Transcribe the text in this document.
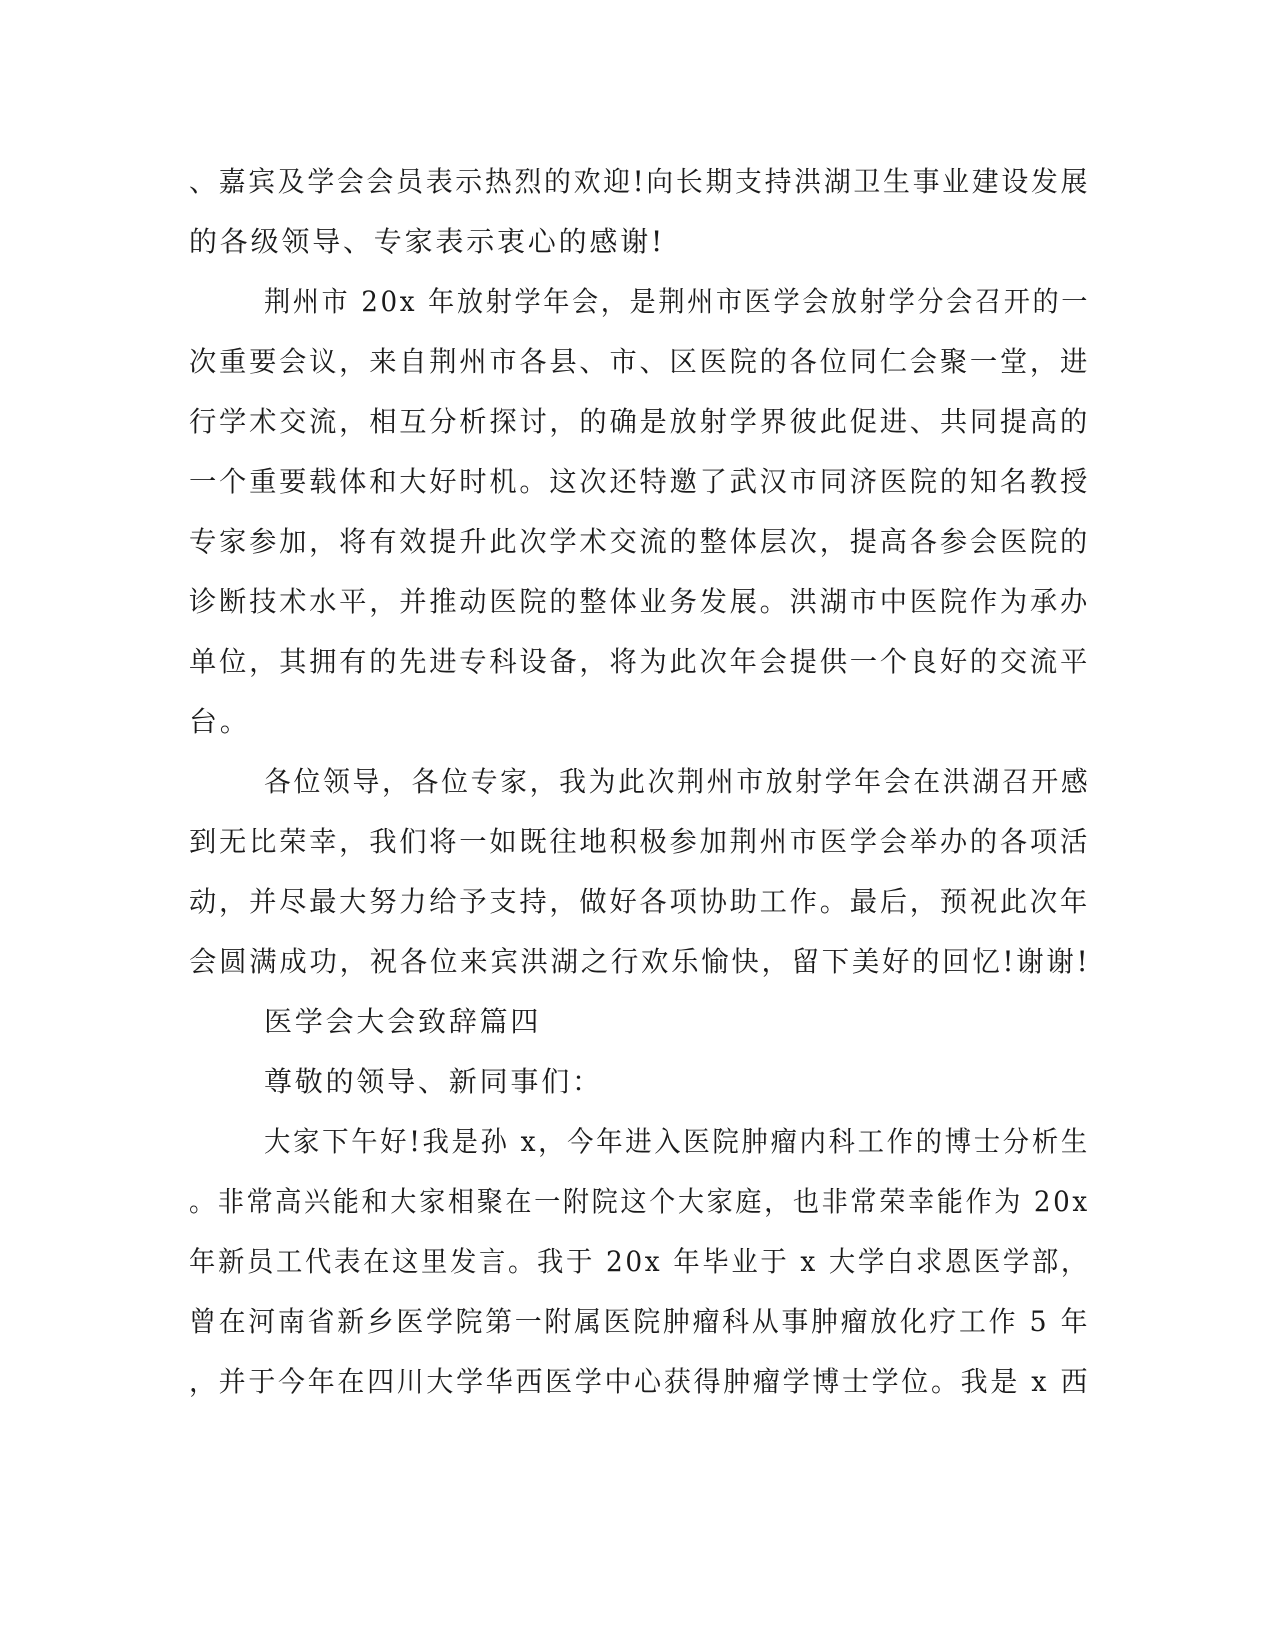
、嘉宾及学会会员表示热烈的欢迎!向长期支持洪湖卫生事业建设发展
的各级领导、专家表示衷心的感谢!
荆州市 20x 年放射学年会，是荆州市医学会放射学分会召开的一
次重要会议，来自荆州市各县、市、区医院的各位同仁会聚一堂，进
行学术交流，相互分析探讨，的确是放射学界彼此促进、共同提高的
一个重要载体和大好时机。这次还特邀了武汉市同济医院的知名教授
专家参加，将有效提升此次学术交流的整体层次，提高各参会医院的
诊断技术水平，并推动医院的整体业务发展。洪湖市中医院作为承办
单位，其拥有的先进专科设备，将为此次年会提供一个良好的交流平
台。
各位领导，各位专家，我为此次荆州市放射学年会在洪湖召开感
到无比荣幸，我们将一如既往地积极参加荆州市医学会举办的各项活
动，并尽最大努力给予支持，做好各项协助工作。最后，预祝此次年
会圆满成功，祝各位来宾洪湖之行欢乐愉快，留下美好的回忆!谢谢!
医学会大会致辞篇四
尊敬的领导、新同事们：
大家下午好!我是孙 x，今年进入医院肿瘤内科工作的博士分析生
。非常高兴能和大家相聚在一附院这个大家庭，也非常荣幸能作为 20x
年新员工代表在这里发言。我于 20x 年毕业于 x 大学白求恩医学部，
曾在河南省新乡医学院第一附属医院肿瘤科从事肿瘤放化疗工作 5 年
，并于今年在四川大学华西医学中心获得肿瘤学博士学位。我是 x 西
